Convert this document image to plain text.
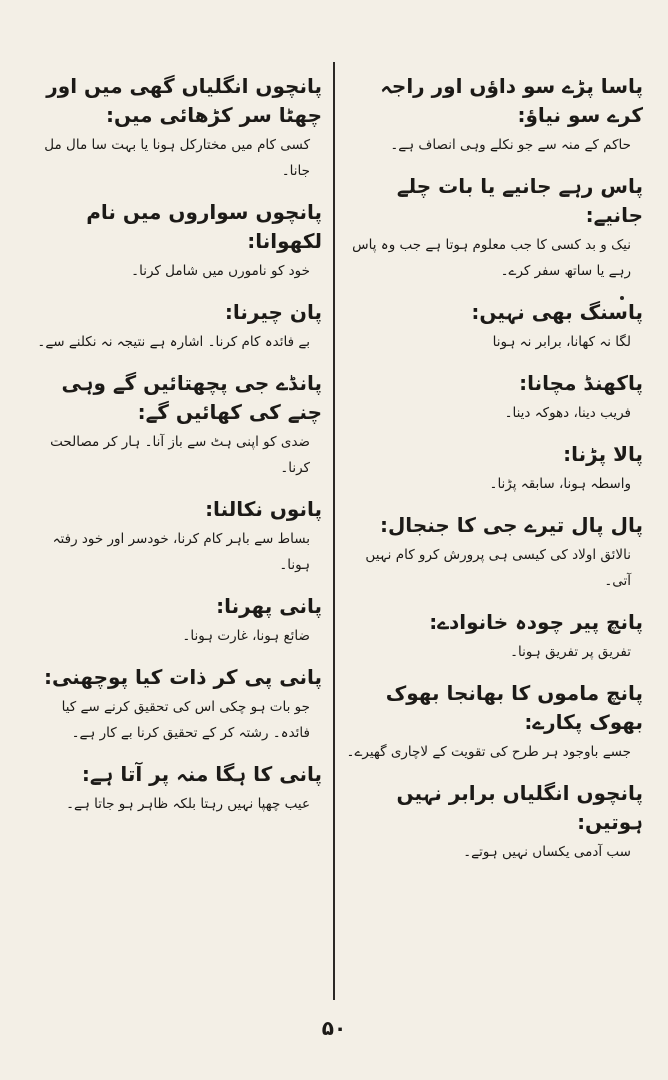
پاسا پڑے سو داؤں اور راجہ کرے سو نیاؤ:

حاکم کے منہ سے جو نکلے وہی انصاف ہے۔

پاس رہے جانیے یا بات چلے جانیے:

نیک و بد کسی کا جب معلوم ہوتا ہے جب وہ پاس رہے یا ساتھ سفر کرے۔

پاسنگ بھی نہیں:

لگا نہ کھانا، برابر نہ ہونا

پاکھنڈ مچانا:

فریب دینا، دھوکہ دینا۔

پالا پڑنا:

واسطہ ہونا، سابقہ پڑنا۔

پال پال تیرے جی کا جنجال:

نالائق اولاد کی کیسی ہی پرورش کرو کام نہیں آتی۔

پانچ پیر چودہ خانوادے:

تفریق پر تفریق ہونا۔

پانچ ماموں کا بھانجا بھوک بھوک پکارے:

جسے باوجود ہر طرح کی تقویت کے لاچاری گھیرے۔

پانچوں انگلیاں برابر نہیں ہوتیں:

سب آدمی یکساں نہیں ہوتے۔

پانچوں انگلیاں گھی میں اور چھٹا سر کڑھائی میں:

کسی کام میں مختارکل ہونا یا بہت سا مال مل جانا۔

پانچوں سواروں میں نام لکھوانا:

خود کو نامورں میں شامل کرنا۔

پان چیرنا:

بے فائدہ کام کرنا۔ اشارہ ہے نتیجہ نہ نکلنے سے۔

پانڈے جی پچھتائیں گے وہی چنے کی کھائیں گے:

ضدی کو اپنی ہٹ سے باز آنا۔ ہار کر مصالحت کرنا۔

پانوں نکالنا:

بساط سے باہر کام کرنا، خودسر اور خود رفتہ ہونا۔

پانی پھرنا:

ضائع ہونا، غارت ہونا۔

پانی پی کر ذات کیا پوچھنی:

جو بات ہو چکی اس کی تحقیق کرنے سے کیا فائدہ۔ رشتہ کر کے تحقیق کرنا بے کار ہے۔

پانی کا ہگا منہ پر آتا ہے:

عیب چھپا نہیں رہتا بلکہ ظاہر ہو جاتا ہے۔

۵۰
